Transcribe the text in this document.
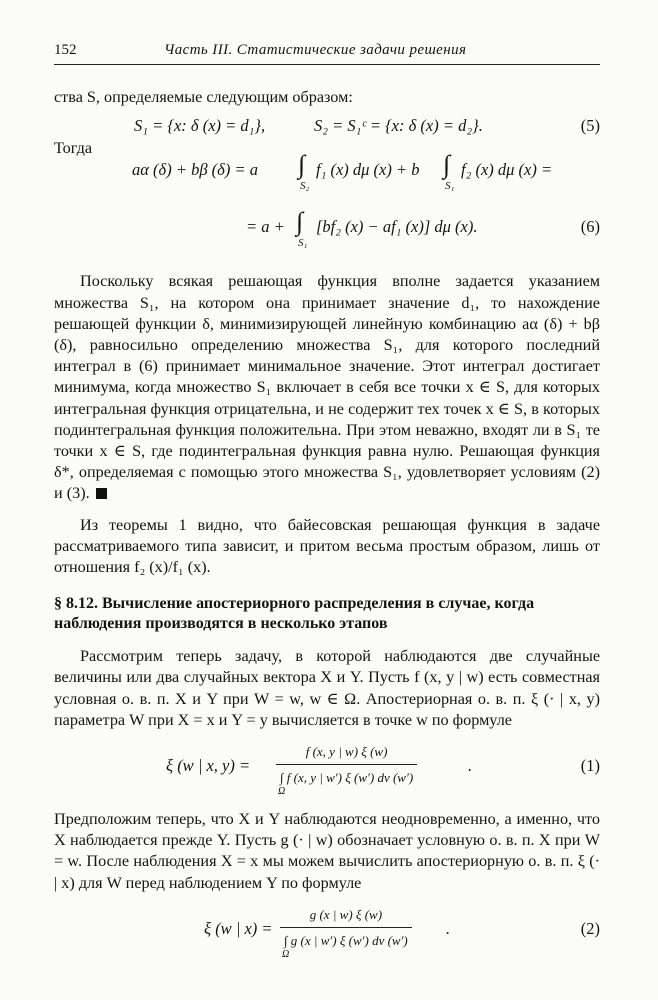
152	Часть III. Статистические задачи решения

ства S, определяемые следующим образом:

S₁ = {x: δ (x) = d₁},	S₂ = S₁ᶜ = {x: δ (x) = d₂}.	(5)

Тогда

aα (δ) + bβ (δ) = a ∫
S₂
f₁ (x) dμ (x) + b ∫
S₁
f₂ (x) dμ (x) =
= a + ∫
S₁
[bf₂ (x) − af₁ (x)] dμ (x).	(6)

Поскольку всякая решающая функция вполне задается указанием множества S₁, на котором она принимает значение d₁, то нахождение решающей функции δ, минимизирующей линейную комбинацию aα (δ) + bβ (δ), равносильно определению множества S₁, для которого последний интеграл в (6) принимает минимальное значение. Этот интеграл достигает минимума, когда множество S₁ включает в себя все точки x ∈ S, для которых интегральная функция отрицательна, и не содержит тех точек x ∈ S, в которых подинтегральная функция положительна. При этом неважно, входят ли в S₁ те точки x ∈ S, где подинтегральная функция равна нулю. Решающая функция δ*, определяемая с помощью этого множества S₁, удовлетворяет условиям (2) и (3).

Из теоремы 1 видно, что байесовская решающая функция в задаче рассматриваемого типа зависит, и притом весьма простым образом, лишь от отношения f₂ (x)/f₁ (x).

§ 8.12. Вычисление апостериорного распределения в случае, когда наблюдения производятся в несколько этапов

Рассмотрим теперь задачу, в которой наблюдаются две случайные величины или два случайных вектора X и Y. Пусть f (x, y | w) есть совместная условная о. в. п. X и Y при W = w, w ∈ Ω. Апостериорная о. в. п. ξ (· | x, y) параметра W при X = x и Y = y вычисляется в точке w по формуле

ξ (w | x, y) = f (x, y | w) ξ (w)
∫ f (x, y | w′) ξ (w′) dν (w′)
Ω	.	(1)

Предположим теперь, что X и Y наблюдаются неодновременно, а именно, что X наблюдается прежде Y. Пусть g (· | w) обозначает условную о. в. п. X при W = w. После наблюдения X = x мы можем вычислить апостериорную о. в. п. ξ (· | x) для W перед наблюдением Y по формуле

ξ (w | x) = g (x | w) ξ (w)
∫ g (x | w′) ξ (w′) dν (w′)
Ω .	(2)
